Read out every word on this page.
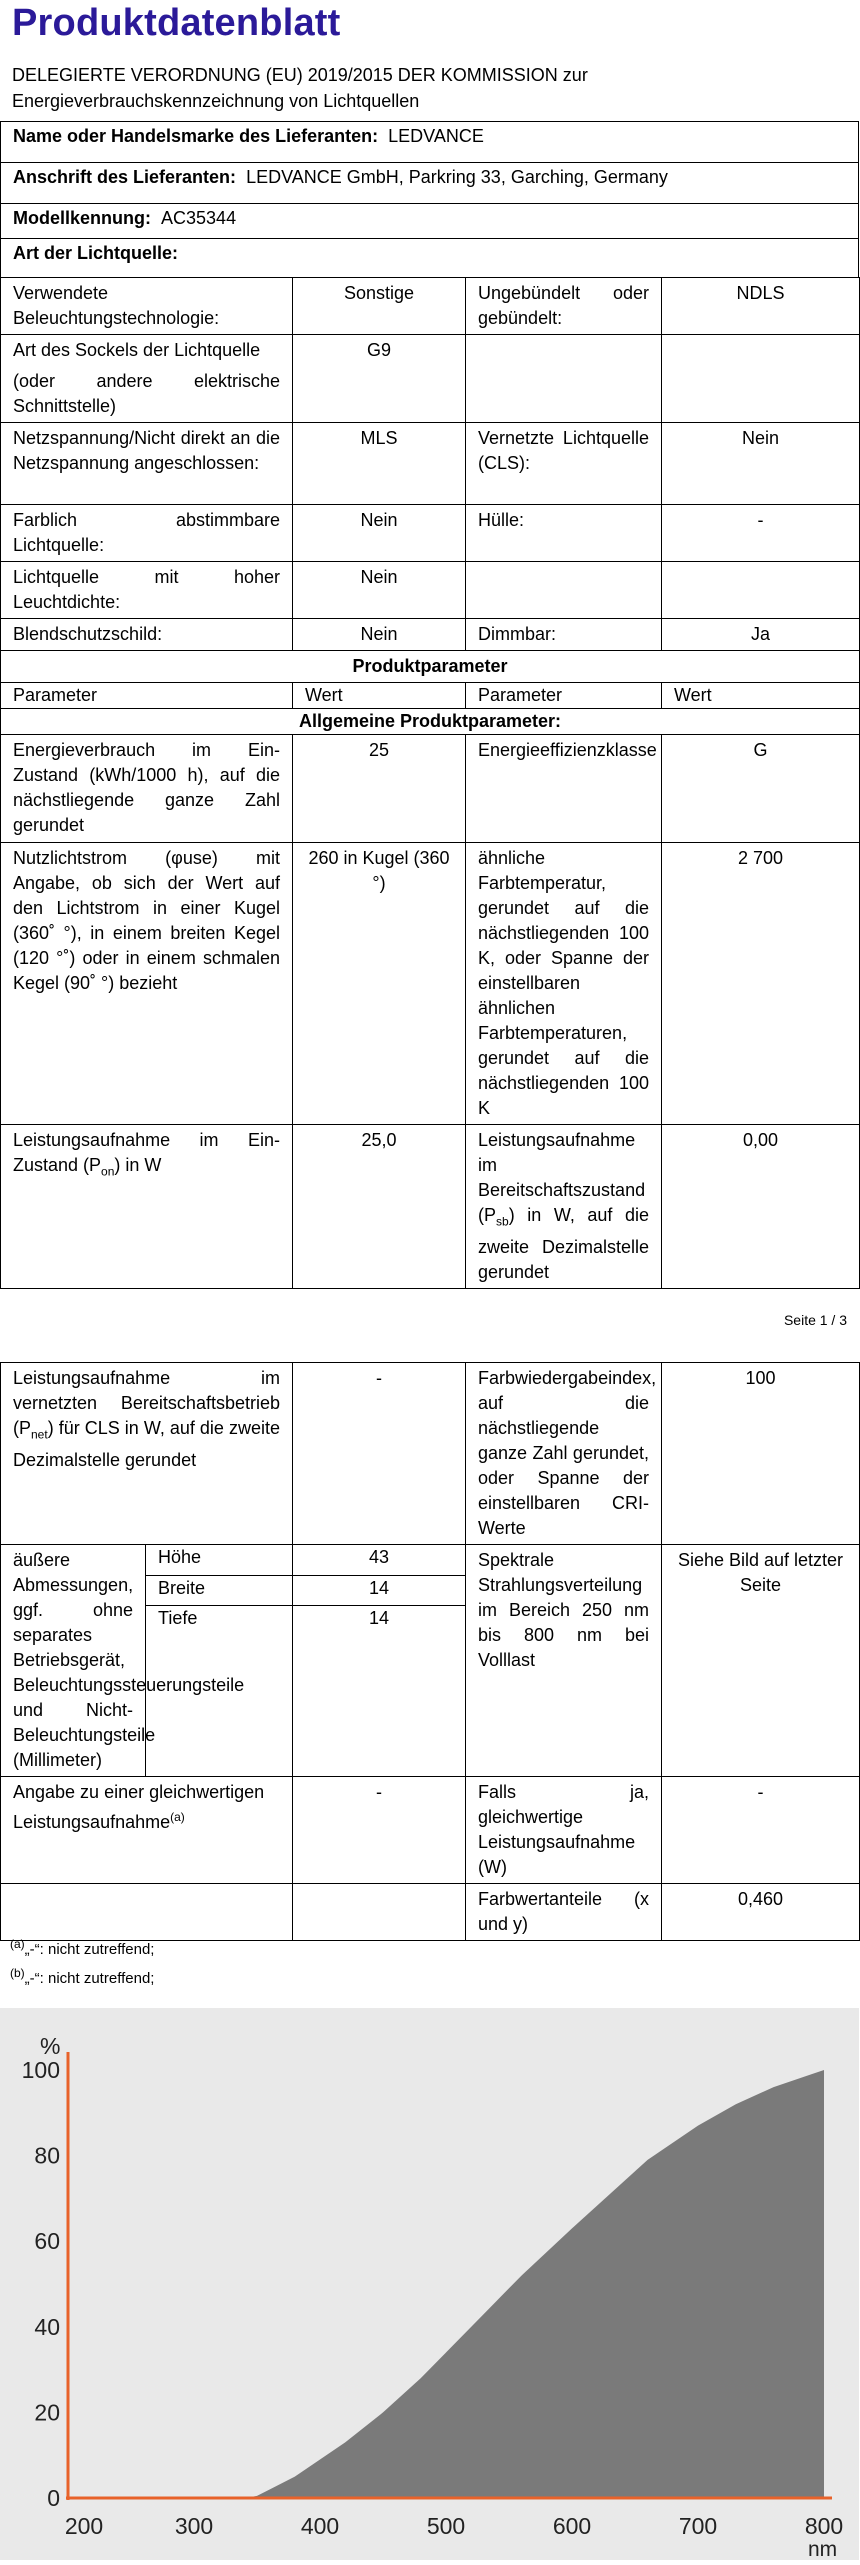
Produktdatenblatt
DELEGIERTE VERORDNUNG (EU) 2019/2015 DER KOMMISSION zur Energieverbrauchskennzeichnung von Lichtquellen
Name oder Handelsmarke des Lieferanten: LEDVANCE
Anschrift des Lieferanten: LEDVANCE GmbH, Parkring 33, Garching, Germany
Modellkennung: AC35344
Art der Lichtquelle:
Verwendete Beleuchtungstechnologie:	Sonstige	Ungebündelt oder gebündelt:	NDLS

Art des Sockels der Lichtquelle
(oder andere elektrische Schnittstelle)	G9		
Netzspannung/Nicht direkt an die Netzspannung angeschlossen:	MLS	Vernetzte Lichtquelle (CLS):	Nein
Farblich abstimmbare Lichtquelle:	Nein	Hülle:	-
Lichtquelle mit hoher Leuchtdichte:	Nein		
Blendschutzschild:	Nein	Dimmbar:	Ja
Produktparameter			
Parameter	Wert	Parameter	Wert
Allgemeine Produktparameter:			
Energieverbrauch im Ein-Zustand (kWh/1000 h), auf die nächstliegende ganze Zahl gerundet	25	Energieeffizienzklasse	G
Nutzlichtstrom (φuse) mit Angabe, ob sich der Wert auf den Lichtstrom in einer Kugel (360˚ °), in einem breiten Kegel (120 °˚) oder in einem schmalen Kegel (90˚ °) bezieht	260 in Kugel (360 °)	ähnliche Farbtemperatur, gerundet auf die nächstliegenden 100 K, oder Spanne der einstellbaren ähnlichen Farbtemperaturen, gerundet auf die nächstliegenden 100 K	2 700
Leistungsaufnahme im Ein-Zustand $(P_{on})$ in W	25,0	Leistungsaufnahme im Bereitschaftszustand $(P_{sb})$ in W, auf die zweite Dezimalstelle gerundet	0,00
Seite 1 / 3
Leistungsaufnahme im vernetzten Bereitschaftsbetrieb $(P_{net})$ für CLS in W, auf die zweite Dezimalstelle gerundet		-	Farbwiedergabeindex, auf die nächstliegende ganze Zahl gerundet, oder Spanne der einstellbaren CRI-Werte	100
äußere Abmessungen, ggf. ohne separates Betriebsgerät, Beleuchtungssteuerungsteile und Nicht-Beleuchtungsteile (Millimeter)	Höhe	43	Spektrale Strahlungsverteilung im Bereich 250 nm bis 800 nm bei Volllast	Siehe Bild auf letzter Seite
	Breite	14		
	Tiefe	14		
Angabe zu einer gleichwertigen Leistungsaufnahme$^{(a)}$		-	Falls ja, gleichwertige Leistungsaufnahme (W)	-
			Farbwertanteile (x und y)	0,460
$^{(a)}$„-“: nicht zutreffend;
$^{(b)}$„-“: nicht zutreffend;
0
20
40
60
80
100
200	300	400	500	600	700	800
%
nm
